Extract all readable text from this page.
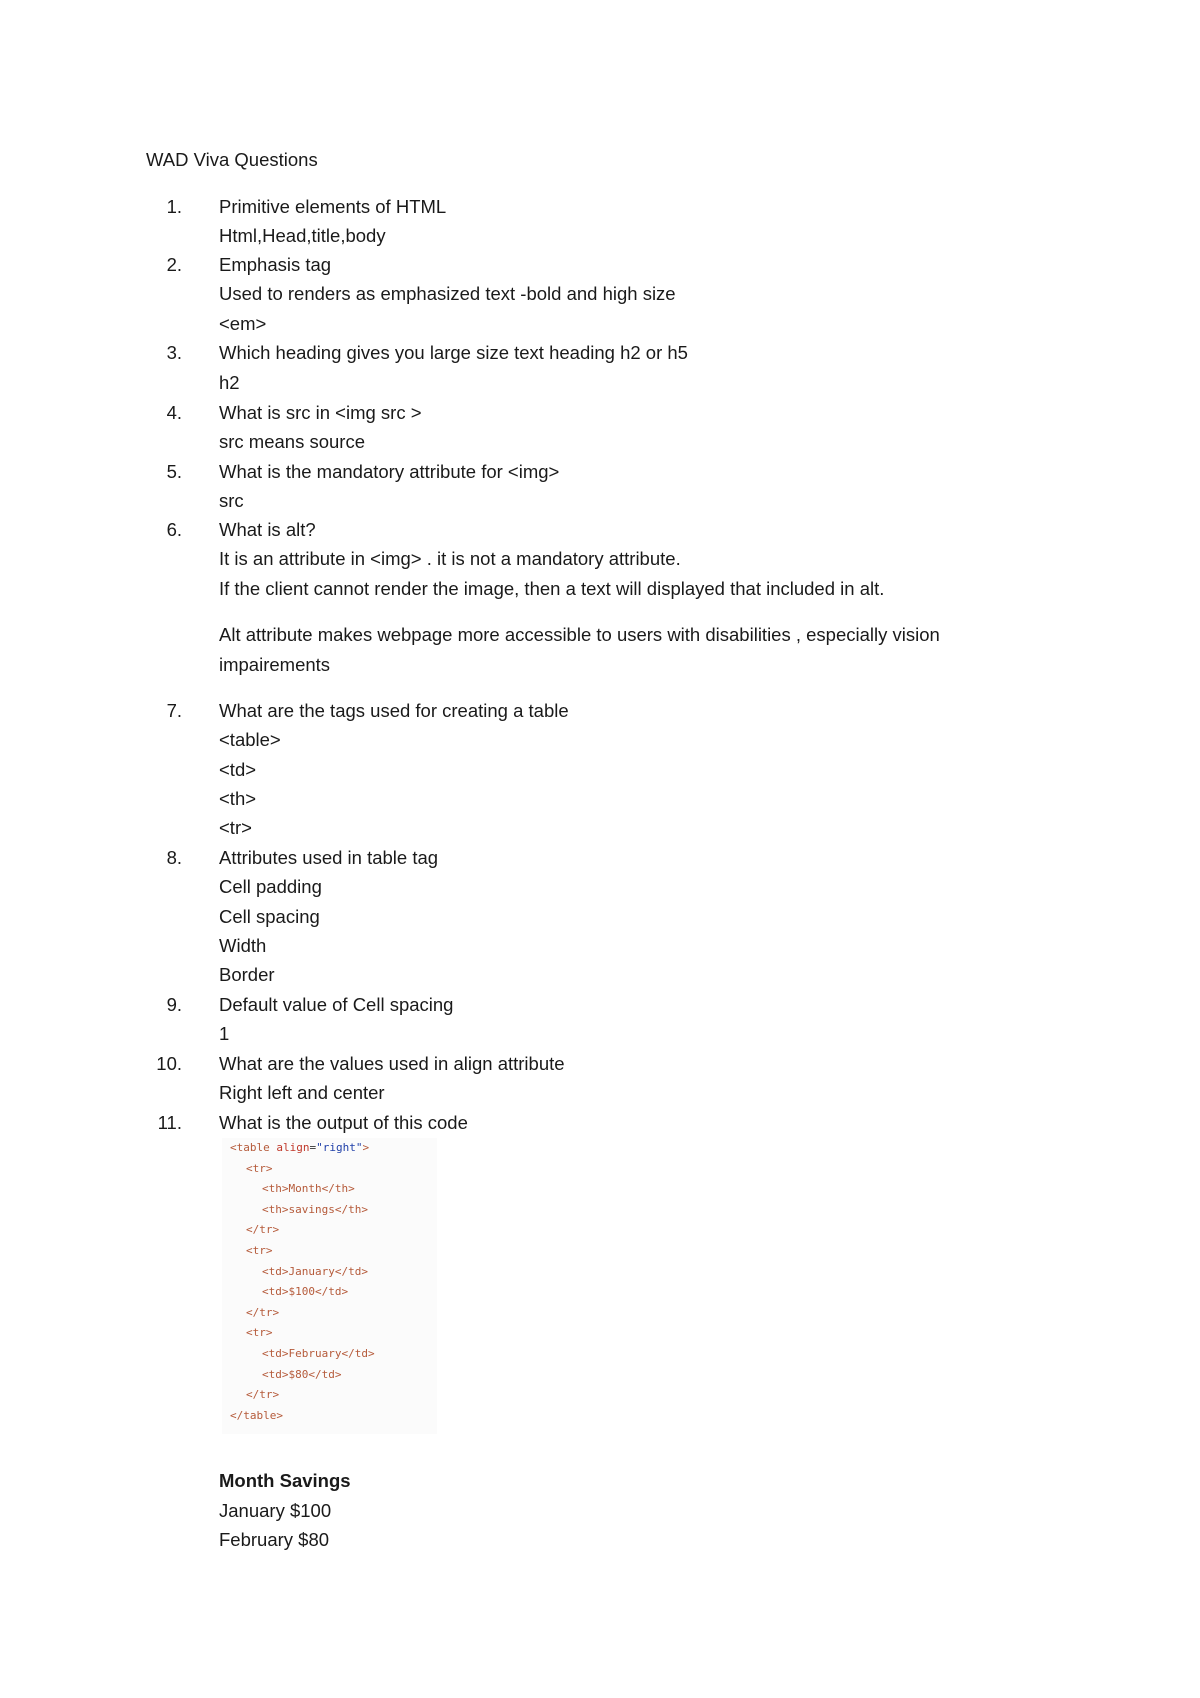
WAD Viva Questions
1. Primitive elements of HTML
Html,Head,title,body
2. Emphasis tag
Used to renders as emphasized text -bold and high size
<em>
3. Which heading gives you large size text heading h2 or h5
h2
4. What is src in <img src >
src means source
5. What is the mandatory attribute for <img>
src
6. What is alt?
It is an attribute in <img> . it is not a mandatory attribute.
If the client cannot render the image, then a text will displayed that included in alt.
Alt attribute makes webpage more accessible to users with disabilities , especially vision impairements
7. What are the tags used for creating a table
<table>
<td>
<th>
<tr>
8. Attributes used in table tag
Cell padding
Cell spacing
Width
Border
9. Default value of Cell spacing
1
10. What are the values used in align attribute
Right left and center
11. What is the output of this code
<table align="right">
<tr>
<th>Month</th>
<th>savings</th>
</tr>
<tr>
<td>January</td>
<td>$100</td>
</tr>
<tr>
<td>February</td>
<td>$80</td>
</tr>
</table>
Month Savings
January $100
February $80
